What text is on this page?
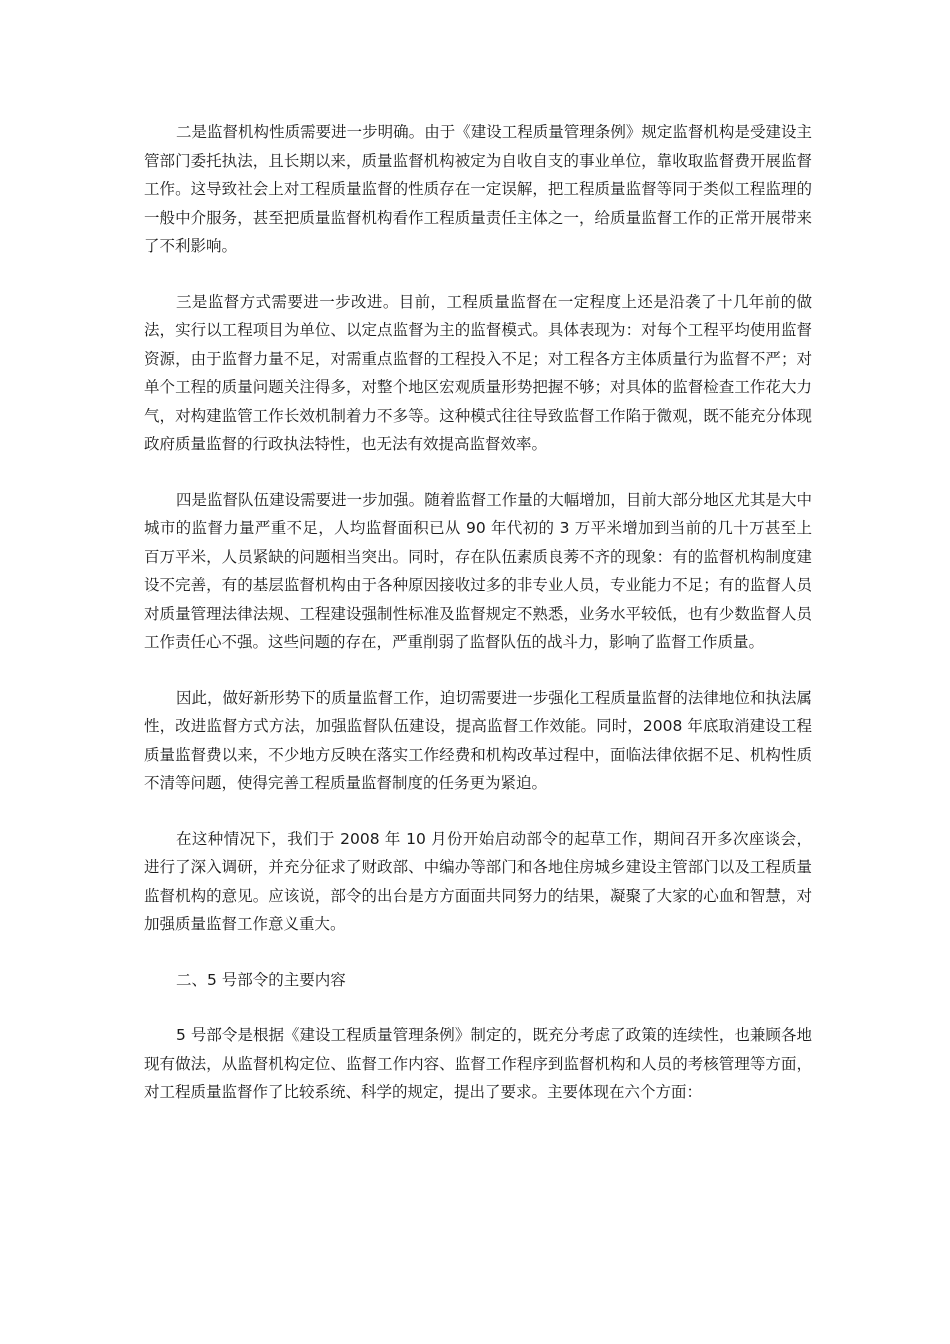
二是监督机构性质需要进一步明确。由于《建设工程质量管理条例》规定监督机构是受建设主管部门委托执法，且长期以来，质量监督机构被定为自收自支的事业单位，靠收取监督费开展监督工作。这导致社会上对工程质量监督的性质存在一定误解，把工程质量监督等同于类似工程监理的一般中介服务，甚至把质量监督机构看作工程质量责任主体之一，给质量监督工作的正常开展带来了不利影响。

三是监督方式需要进一步改进。目前，工程质量监督在一定程度上还是沿袭了十几年前的做法，实行以工程项目为单位、以定点监督为主的监督模式。具体表现为：对每个工程平均使用监督资源，由于监督力量不足，对需重点监督的工程投入不足；对工程各方主体质量行为监督不严；对单个工程的质量问题关注得多，对整个地区宏观质量形势把握不够；对具体的监督检查工作花大力气，对构建监管工作长效机制着力不多等。这种模式往往导致监督工作陷于微观，既不能充分体现政府质量监督的行政执法特性，也无法有效提高监督效率。

四是监督队伍建设需要进一步加强。随着监督工作量的大幅增加，目前大部分地区尤其是大中城市的监督力量严重不足，人均监督面积已从 90 年代初的 3 万平米增加到当前的几十万甚至上百万平米，人员紧缺的问题相当突出。同时，存在队伍素质良莠不齐的现象：有的监督机构制度建设不完善，有的基层监督机构由于各种原因接收过多的非专业人员，专业能力不足；有的监督人员对质量管理法律法规、工程建设强制性标准及监督规定不熟悉，业务水平较低，也有少数监督人员工作责任心不强。这些问题的存在，严重削弱了监督队伍的战斗力，影响了监督工作质量。

因此，做好新形势下的质量监督工作，迫切需要进一步强化工程质量监督的法律地位和执法属性，改进监督方式方法，加强监督队伍建设，提高监督工作效能。同时，2008 年底取消建设工程质量监督费以来，不少地方反映在落实工作经费和机构改革过程中，面临法律依据不足、机构性质不清等问题，使得完善工程质量监督制度的任务更为紧迫。

在这种情况下，我们于 2008 年 10 月份开始启动部令的起草工作，期间召开多次座谈会，进行了深入调研，并充分征求了财政部、中编办等部门和各地住房城乡建设主管部门以及工程质量监督机构的意见。应该说，部令的出台是方方面面共同努力的结果，凝聚了大家的心血和智慧，对加强质量监督工作意义重大。

二、5 号部令的主要内容

5 号部令是根据《建设工程质量管理条例》制定的，既充分考虑了政策的连续性，也兼顾各地现有做法，从监督机构定位、监督工作内容、监督工作程序到监督机构和人员的考核管理等方面，对工程质量监督作了比较系统、科学的规定，提出了要求。主要体现在六个方面：
